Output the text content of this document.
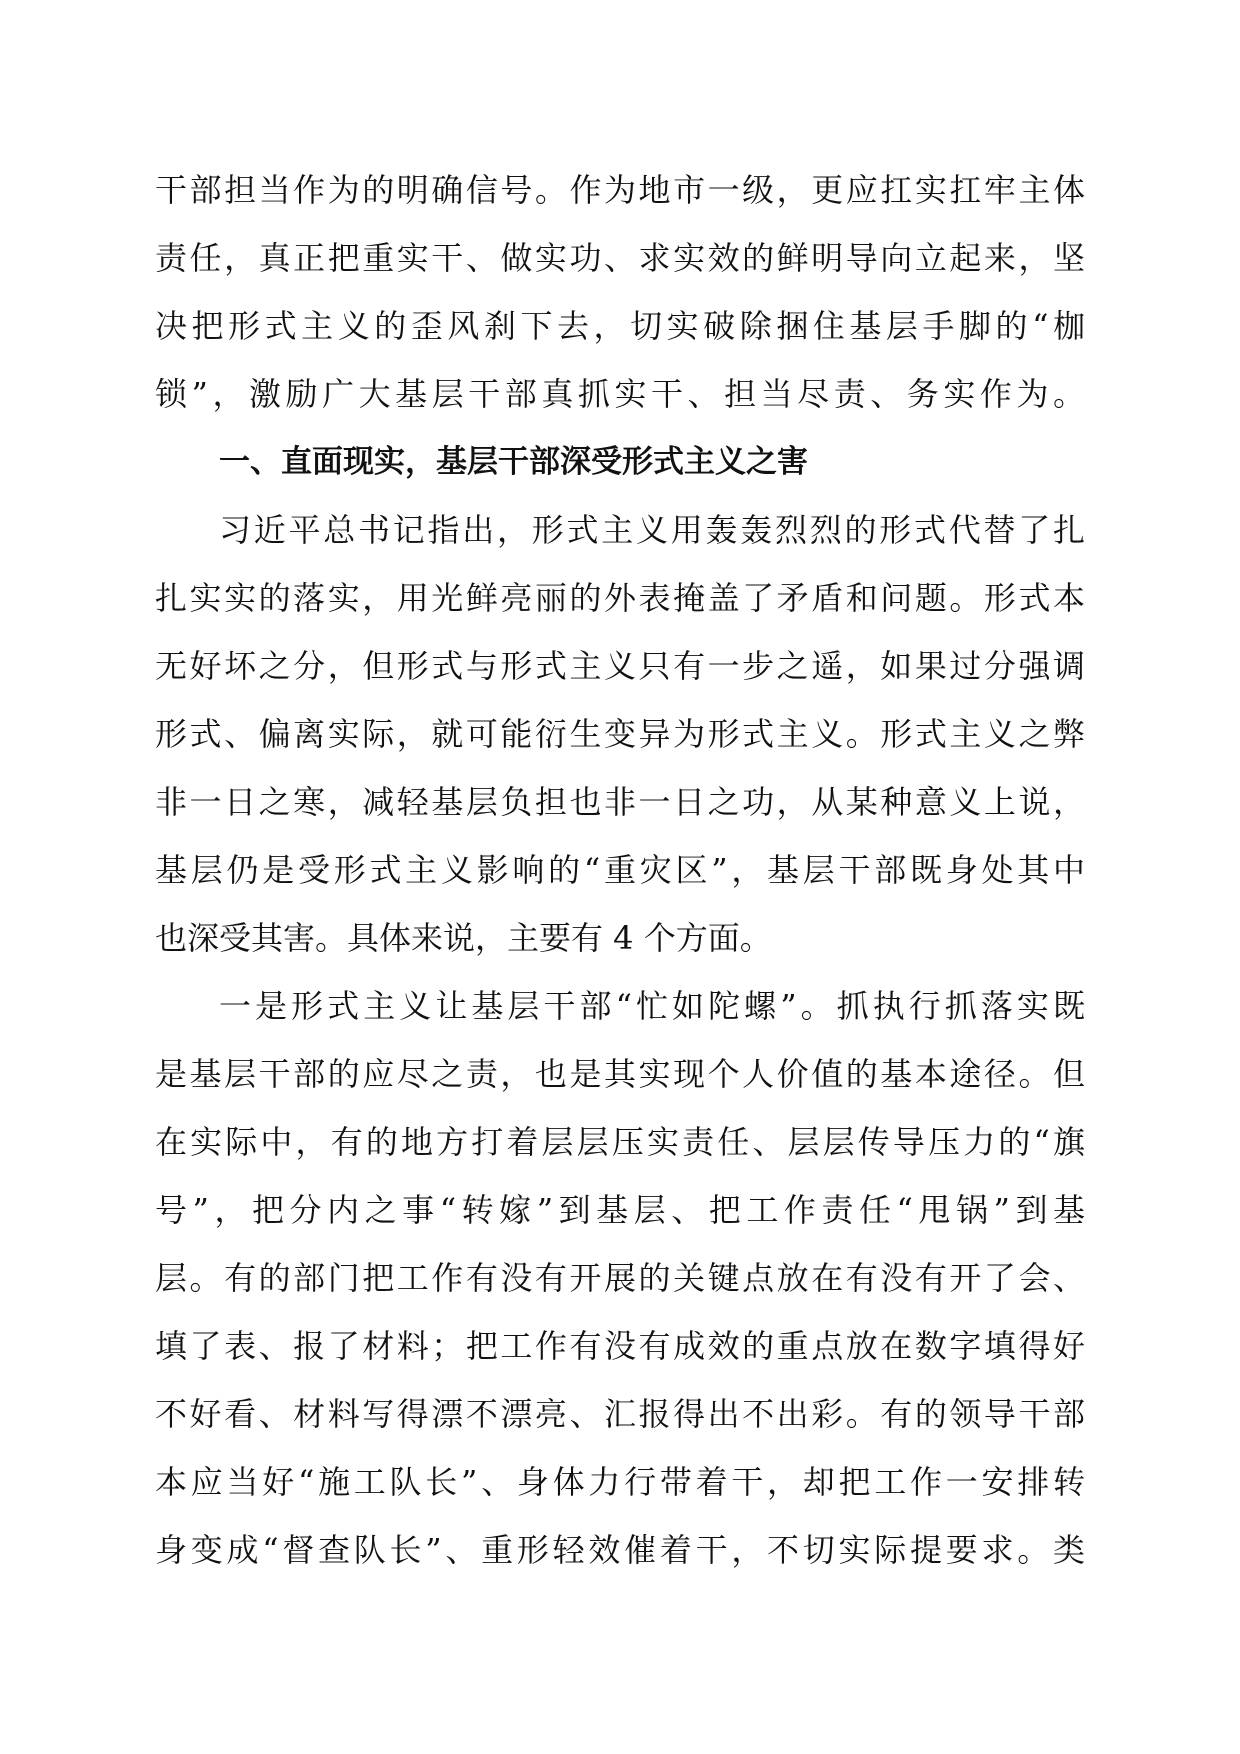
干部担当作为的明确信号。作为地市一级，更应扛实扛牢主体
责任，真正把重实干、做实功、求实效的鲜明导向立起来，坚
决把形式主义的歪风刹下去，切实破除捆住基层手脚的“枷
锁”，激励广大基层干部真抓实干、担当尽责、务实作为。
一、直面现实，基层干部深受形式主义之害
习近平总书记指出，形式主义用轰轰烈烈的形式代替了扎
扎实实的落实，用光鲜亮丽的外表掩盖了矛盾和问题。形式本
无好坏之分，但形式与形式主义只有一步之遥，如果过分强调
形式、偏离实际，就可能衍生变异为形式主义。形式主义之弊
非一日之寒，减轻基层负担也非一日之功，从某种意义上说，
基层仍是受形式主义影响的“重灾区”，基层干部既身处其中
也深受其害。具体来说，主要有 4 个方面。
一是形式主义让基层干部“忙如陀螺”。抓执行抓落实既
是基层干部的应尽之责，也是其实现个人价值的基本途径。但
在实际中，有的地方打着层层压实责任、层层传导压力的“旗
号”，把分内之事“转嫁”到基层、把工作责任“甩锅”到基
层。有的部门把工作有没有开展的关键点放在有没有开了会、
填了表、报了材料；把工作有没有成效的重点放在数字填得好
不好看、材料写得漂不漂亮、汇报得出不出彩。有的领导干部
本应当好“施工队长”、身体力行带着干，却把工作一安排转
身变成“督查队长”、重形轻效催着干，不切实际提要求。类
